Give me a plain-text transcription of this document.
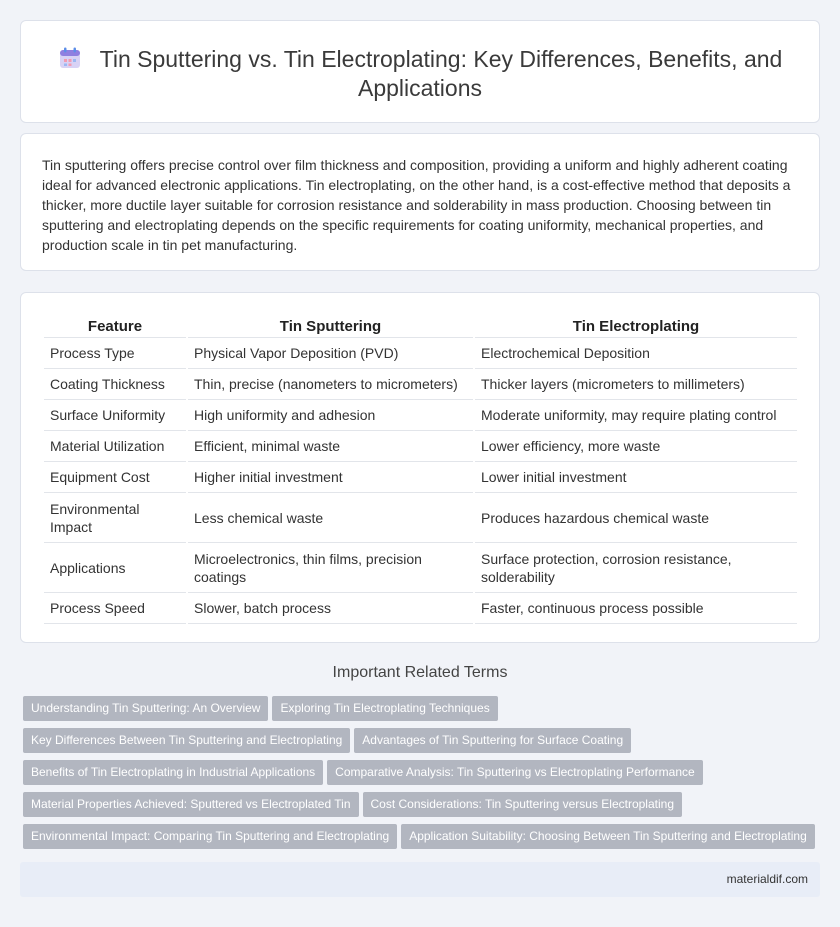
Tin Sputtering vs. Tin Electroplating: Key Differences, Benefits, and Applications

Tin sputtering offers precise control over film thickness and composition, providing a uniform and highly adherent coating ideal for advanced electronic applications. Tin electroplating, on the other hand, is a cost-effective method that deposits a thicker, more ductile layer suitable for corrosion resistance and solderability in mass production. Choosing between tin sputtering and electroplating depends on the specific requirements for coating uniformity, mechanical properties, and production scale in tin pet manufacturing.

Feature	Tin Sputtering	Tin Electroplating
Process Type	Physical Vapor Deposition (PVD)	Electrochemical Deposition
Coating Thickness	Thin, precise (nanometers to micrometers)	Thicker layers (micrometers to millimeters)
Surface Uniformity	High uniformity and adhesion	Moderate uniformity, may require plating control
Material Utilization	Efficient, minimal waste	Lower efficiency, more waste
Equipment Cost	Higher initial investment	Lower initial investment
Environmental Impact	Less chemical waste	Produces hazardous chemical waste
Applications	Microelectronics, thin films, precision coatings	Surface protection, corrosion resistance, solderability
Process Speed	Slower, batch process	Faster, continuous process possible
Important Related Terms
Understanding Tin Sputtering: An Overview Exploring Tin Electroplating Techniques
Key Differences Between Tin Sputtering and Electroplating Advantages of Tin Sputtering for Surface Coating
Benefits of Tin Electroplating in Industrial Applications Comparative Analysis: Tin Sputtering vs Electroplating Performance
Material Properties Achieved: Sputtered vs Electroplated Tin Cost Considerations: Tin Sputtering versus Electroplating
Environmental Impact: Comparing Tin Sputtering and Electroplating Application Suitability: Choosing Between Tin Sputtering and Electroplating
materialdif.com
